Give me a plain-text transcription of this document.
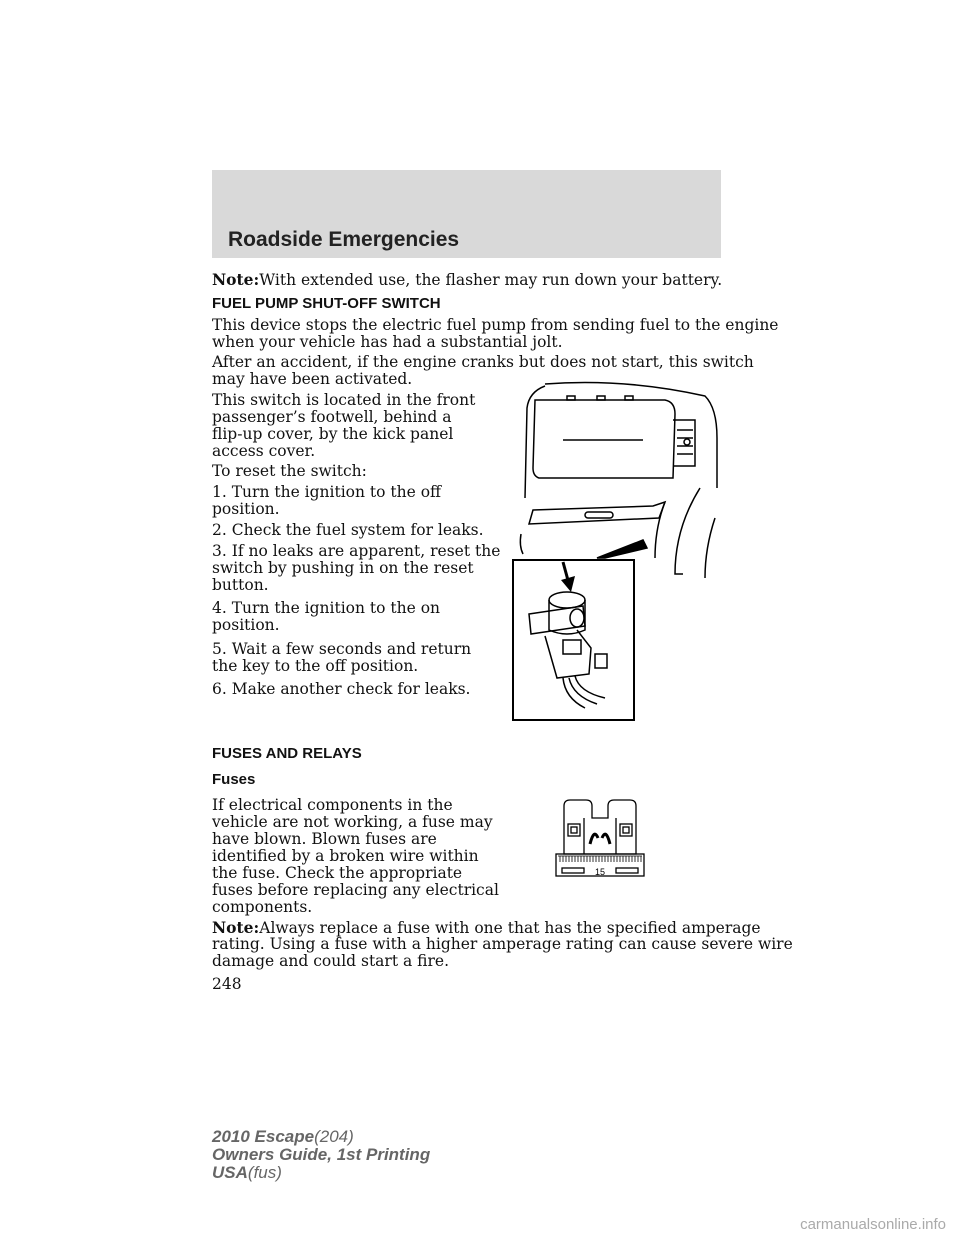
Roadside Emergencies

Note:With extended use, the flasher may run down your battery.

FUEL PUMP SHUT-OFF SWITCH

This device stops the electric fuel pump from sending fuel to the engine

when your vehicle has had a substantial jolt.

After an accident, if the engine cranks but does not start, this switch

may have been activated.

This switch is located in the front

passenger’s footwell, behind a

flip-up cover, by the kick panel

access cover.

To reset the switch:

1. Turn the ignition to the off

position.

2. Check the fuel system for leaks.

3. If no leaks are apparent, reset the

switch by pushing in on the reset

button.

4. Turn the ignition to the on

position.

5. Wait a few seconds and return

the key to the off position.

6. Make another check for leaks.

FUSES AND RELAYS
Fuses

If electrical components in the

vehicle are not working, a fuse may

have blown. Blown fuses are

identified by a broken wire within

the fuse. Check the appropriate

fuses before replacing any electrical

components.

15

Note:Always replace a fuse with one that has the specified amperage

rating. Using a fuse with a higher amperage rating can cause severe wire

damage and could start a fire.

248

2010 Escape(204)
Owners Guide, 1st Printing
USA(fus)
carmanualsonline.info
